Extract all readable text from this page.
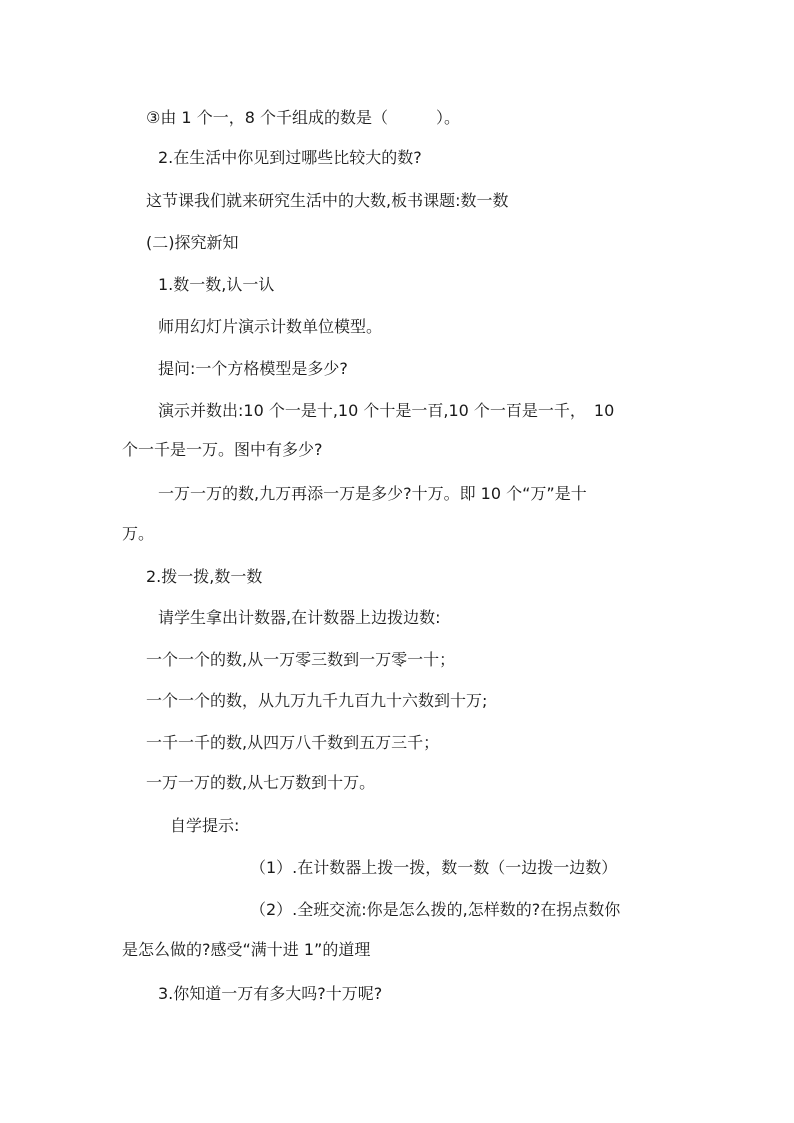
③由 1 个一，8 个千组成的数是（　　　）。

2.在生活中你见到过哪些比较大的数?

这节课我们就来研究生活中的大数,板书课题:数一数

(二)探究新知

1.数一数,认一认

师用幻灯片演示计数单位模型。

提问:一个方格模型是多少?

演示并数出:10 个一是十,10 个十是一百,10 个一百是一千，　10

个一千是一万。图中有多少?

一万一万的数,九万再添一万是多少?十万。即 10 个“万”是十

万。

2.拨一拨,数一数

请学生拿出计数器,在计数器上边拨边数:

一个一个的数,从一万零三数到一万零一十；

一个一个的数，从九万九千九百九十六数到十万;

一千一千的数,从四万八千数到五万三千；

一万一万的数,从七万数到十万。

自学提示:

（1）.在计数器上拨一拨，数一数（一边拨一边数）

（2）.全班交流:你是怎么拨的,怎样数的?在拐点数你

是怎么做的?感受“满十进 1”的道理

3.你知道一万有多大吗?十万呢?
